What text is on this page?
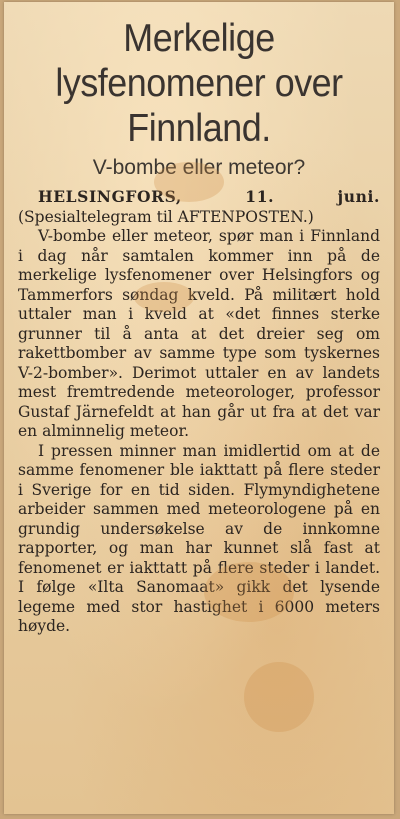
Merkelige lysfenomener over Finnland.
V-bombe eller meteor?

HELSINGFORS, 11. juni. (Spesialtelegram til AFTENPOSTEN.)

V-bombe eller meteor, spør man i Finnland i dag når samtalen kommer inn på de merkelige lysfenomener over Helsingfors og Tammerfors søndag kveld. På militært hold uttaler man i kveld at «det finnes sterke grunner til å anta at det dreier seg om rakettbomber av samme type som tyskernes V-2-bomber». Derimot uttaler en av landets mest fremtredende meteorologer, professor Gustaf Järnefeldt at han går ut fra at det var en alminnelig meteor.

I pressen minner man imidlertid om at de samme fenomener ble iakttatt på flere steder i Sverige for en tid siden. Flymyndighetene arbeider sammen med meteorologene på en grundig undersøkelse av de innkomne rapporter, og man har kunnet slå fast at fenomenet er iakttatt på flere steder i landet. I følge «Ilta Sanomaat» gikk det lysende legeme med stor hastighet i 6000 meters høyde.
